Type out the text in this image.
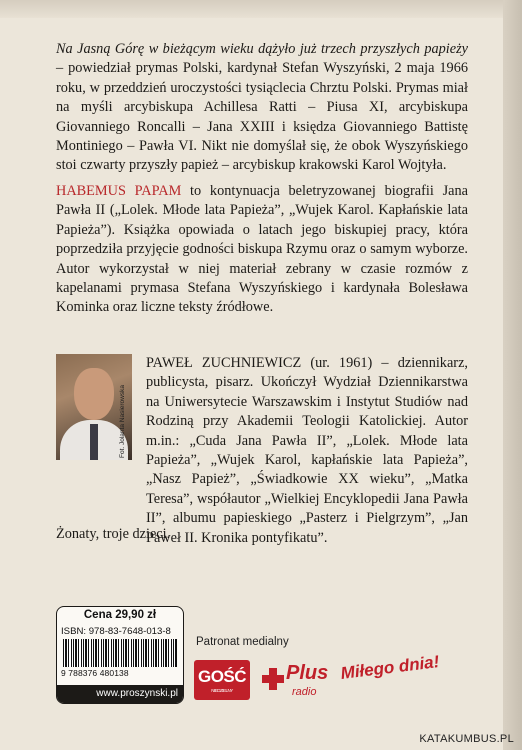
Na Jasną Górę w bieżącym wieku dążyło już trzech przyszłych papieży – powiedział prymas Polski, kardynał Stefan Wyszyński, 2 maja 1966 roku, w przeddzień uroczystości tysiąclecia Chrztu Polski. Prymas miał na myśli arcybiskupa Achillesa Ratti – Piusa XI, arcybiskupa Giovanniego Roncalli – Jana XXIII i księdza Giovanniego Battistę Montiniego – Pawła VI. Nikt nie domyślał się, że obok Wyszyńskiego stoi czwarty przyszły papież – arcybiskup krakowski Karol Wojtyła.

HABEMUS PAPAM to kontynuacja beletryzowanej biografii Jana Pawła II („Lolek. Młode lata Papieża”, „Wujek Karol. Kapłańskie lata Papieża”). Książka opowiada o latach jego biskupiej pracy, która poprzedziła przyjęcie godności biskupa Rzymu oraz o samym wyborze. Autor wykorzystał w niej materiał zebrany w czasie rozmów z kapelanami prymasa Stefana Wyszyńskiego i kardynała Bolesława Kominka oraz liczne teksty źródłowe.

Fot. Jolanta Nasierowska

PAWEŁ ZUCHNIEWICZ (ur. 1961) – dziennikarz, publicysta, pisarz. Ukończył Wydział Dziennikarstwa na Uniwersytecie Warszawskim i Instytut Studiów nad Rodziną przy Akademii Teologii Katolickiej. Autor m.in.: „Cuda Jana Pawła II”, „Lolek. Młode lata Papieża”, „Wujek Karol, kapłańskie lata Papieża”, „Nasz Papież”, „Świadkowie XX wieku”, „Matka Teresa”, współautor „Wielkiej Encyklopedii Jana Pawła II”, albumu papieskiego „Pasterz i Pielgrzym”, „Jan Paweł II. Kronika pontyfikatu”.

Żonaty, troje dzieci.

Cena 29,90 zł
ISBN: 978-83-7648-013-8
9 788376 480138
www.proszynski.pl
Patronat medialny
GOŚĆ
NIEDZIELNY
Plus
radio
Miłego dnia!
KATAKUMBUS.PL
